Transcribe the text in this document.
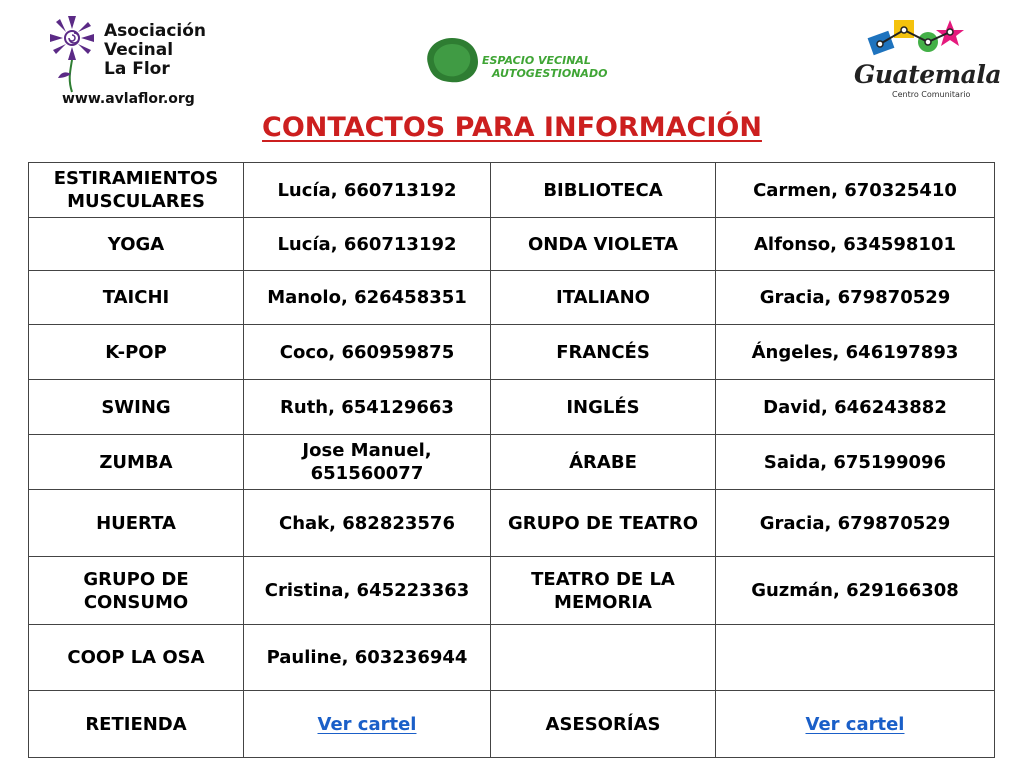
Asociación
Vecinal
La Flor
www.avlaflor.org
ESPACIO VECINAL
AUTOGESTIONADO	Guatemala
Centro Comunitario
CONTACTOS PARA INFORMACIÓN
ESTIRAMIENTOS MUSCULARES	Lucía, 660713192	BIBLIOTECA	Carmen, 670325410
YOGA	Lucía, 660713192	ONDA VIOLETA	Alfonso, 634598101
TAICHI	Manolo, 626458351	ITALIANO	Gracia, 679870529
K-POP	Coco, 660959875	FRANCÉS	Ángeles, 646197893
SWING	Ruth, 654129663	INGLÉS	David, 646243882
ZUMBA	Jose Manuel, 651560077	ÁRABE	Saida, 675199096
HUERTA	Chak, 682823576	GRUPO DE TEATRO	Gracia, 679870529
GRUPO DE CONSUMO	Cristina, 645223363	TEATRO DE LA MEMORIA	Guzmán, 629166308
COOP LA OSA	Pauline, 603236944		
RETIENDA	Ver cartel	ASESORÍAS	Ver cartel
